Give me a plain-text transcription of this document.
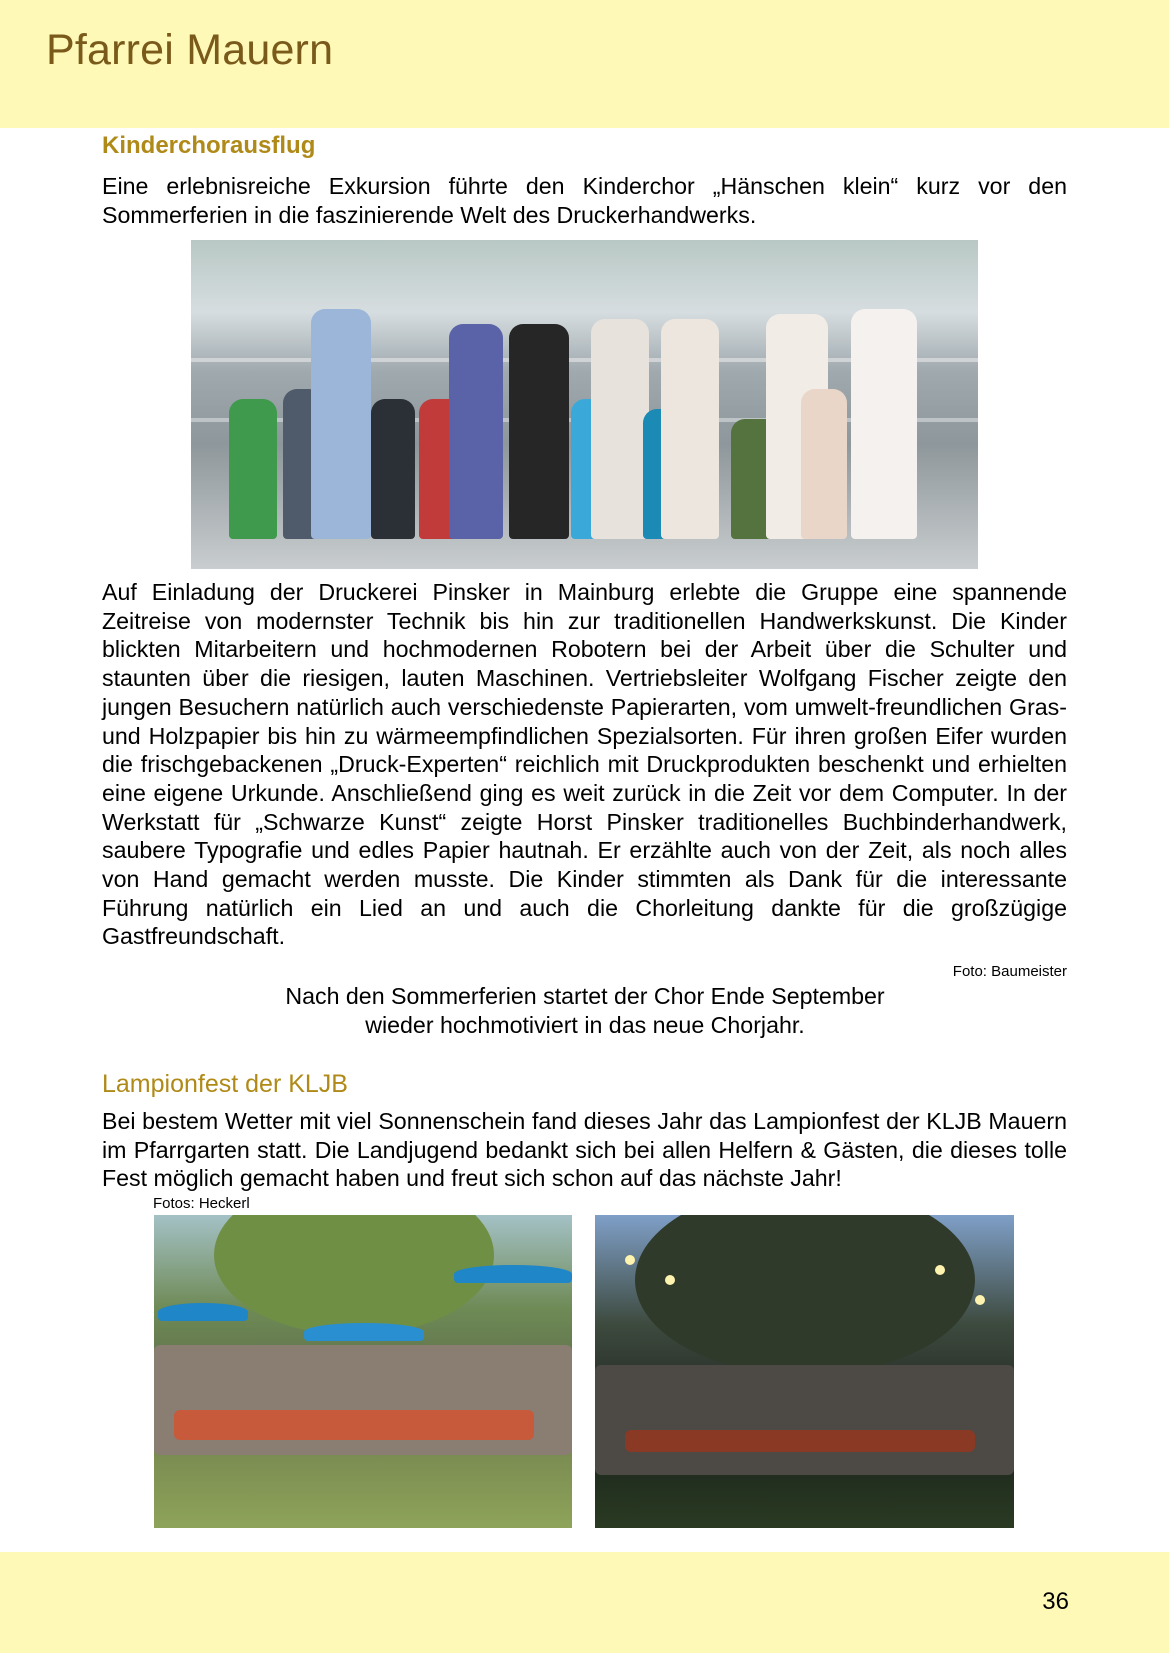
Pfarrei Mauern
Kinderchorausflug
Eine erlebnisreiche Exkursion führte den Kinderchor „Hänschen klein“ kurz vor den Sommerferien in die faszinierende Welt des Druckerhandwerks.
Auf Einladung der Druckerei Pinsker in Mainburg erlebte die Gruppe eine spannende Zeitreise von modernster Technik bis hin zur traditionellen Handwerkskunst. Die Kinder blickten Mitarbeitern und hochmodernen Robotern bei der Arbeit über die Schulter und staunten über die riesigen, lauten Maschinen. Vertriebsleiter Wolfgang Fischer zeigte den jungen Besuchern natürlich auch verschiedenste Papierarten, vom umwelt-freundlichen Gras- und Holzpapier bis hin zu wärmeempfindlichen Spezialsorten. Für ihren großen Eifer wurden die frischgebackenen „Druck-Experten“ reichlich mit Druckprodukten beschenkt und erhielten eine eigene Urkunde. Anschließend ging es weit zurück in die Zeit vor dem Computer. In der Werkstatt für „Schwarze Kunst“ zeigte Horst Pinsker traditionelles Buchbinderhandwerk, saubere Typografie und edles Papier hautnah. Er erzählte auch von der Zeit, als noch alles von Hand gemacht werden musste. Die Kinder stimmten als Dank für die interessante Führung natürlich ein Lied an und auch die Chorleitung dankte für die großzügige Gastfreundschaft.
Foto: Baumeister
Nach den Sommerferien startet der Chor Ende September
wieder hochmotiviert in das neue Chorjahr.
Lampionfest der KLJB
Bei bestem Wetter mit viel Sonnenschein fand dieses Jahr das Lampionfest der KLJB Mauern im Pfarrgarten statt. Die Landjugend bedankt sich bei allen Helfern & Gästen, die dieses tolle Fest möglich gemacht haben und freut sich schon auf das nächste Jahr!
Fotos: Heckerl
36
